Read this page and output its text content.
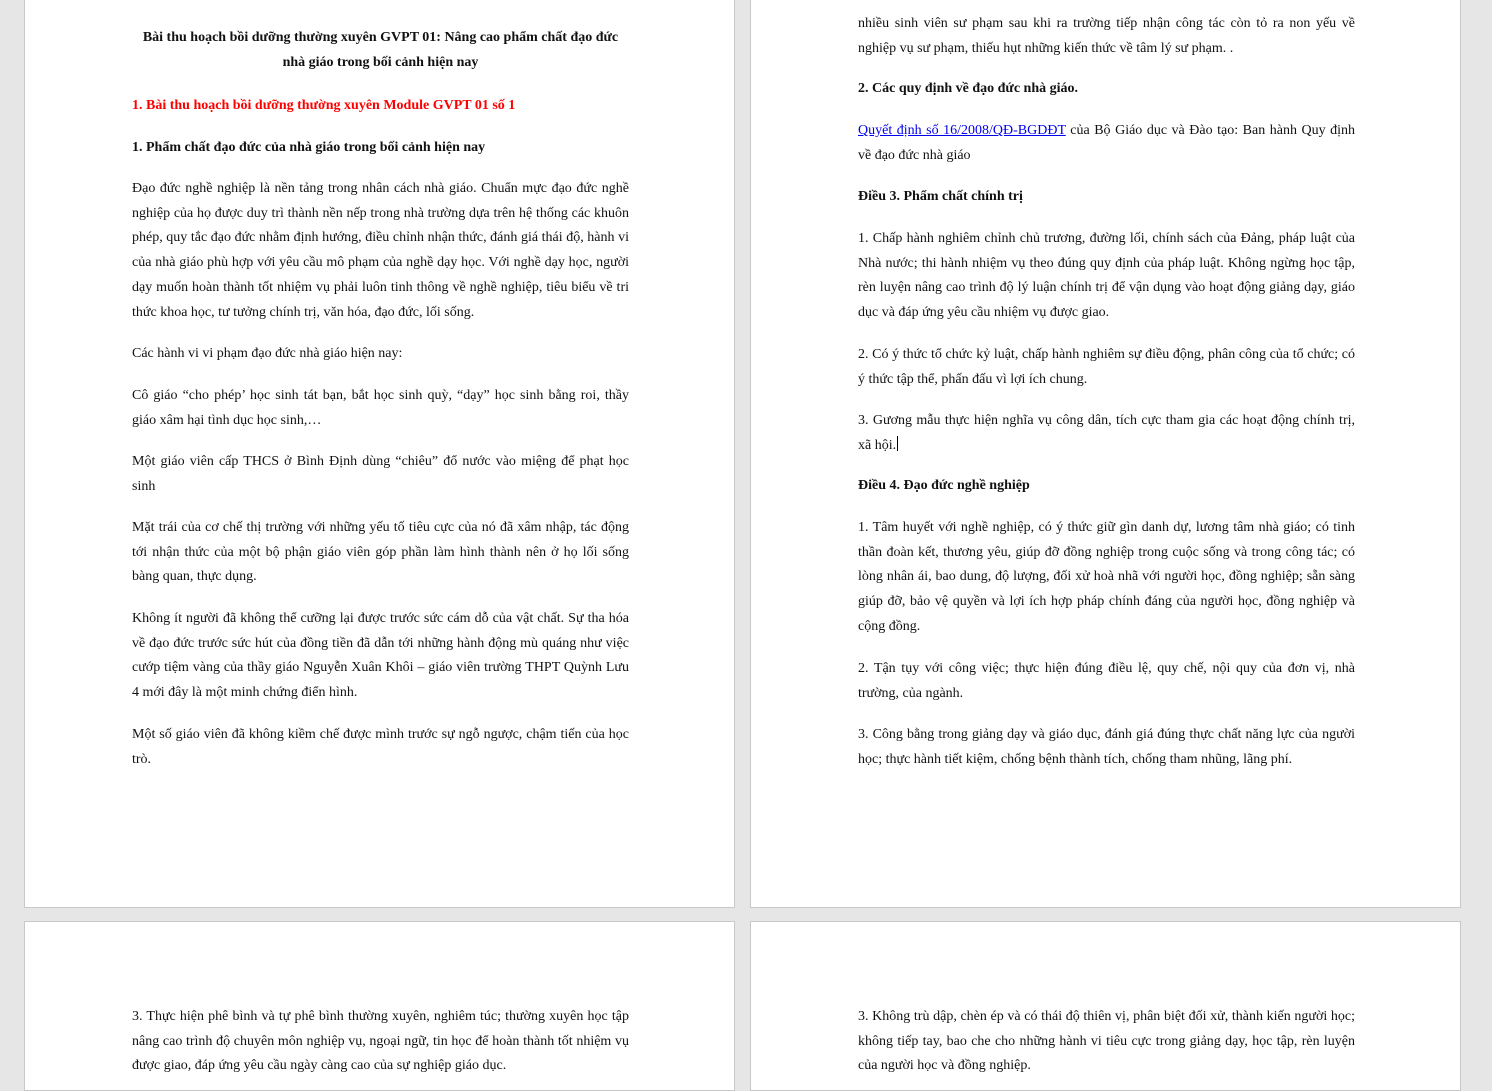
Bài thu hoạch bồi dưỡng thường xuyên GVPT 01: Nâng cao phẩm chất đạo đức nhà giáo trong bối cảnh hiện nay
1. Bài thu hoạch bồi dưỡng thường xuyên Module GVPT 01 số 1
1. Phẩm chất đạo đức của nhà giáo trong bối cảnh hiện nay

Đạo đức nghề nghiệp là nền tảng trong nhân cách nhà giáo. Chuẩn mực đạo đức nghề nghiệp của họ được duy trì thành nền nếp trong nhà trường dựa trên hệ thống các khuôn phép, quy tắc đạo đức nhằm định hướng, điều chỉnh nhận thức, đánh giá thái độ, hành vi của nhà giáo phù hợp với yêu cầu mô phạm của nghề dạy học. Với nghề dạy học, người dạy muốn hoàn thành tốt nhiệm vụ phải luôn tinh thông về nghề nghiệp, tiêu biểu về tri thức khoa học, tư tưởng chính trị, văn hóa, đạo đức, lối sống.

Các hành vi vi phạm đạo đức nhà giáo hiện nay:

Cô giáo “cho phép’ học sinh tát bạn, bắt học sinh quỳ, “dạy” học sinh bằng roi, thầy giáo xâm hại tình dục học sinh,…

Một giáo viên cấp THCS ở Bình Định dùng “chiêu” đổ nước vào miệng để phạt học sinh

Mặt trái của cơ chế thị trường với những yếu tố tiêu cực của nó đã xâm nhập, tác động tới nhận thức của một bộ phận giáo viên góp phần làm hình thành nên ở họ lối sống bàng quan, thực dụng.

Không ít người đã không thể cưỡng lại được trước sức cám dỗ của vật chất. Sự tha hóa về đạo đức trước sức hút của đồng tiền đã dẫn tới những hành động mù quáng như việc cướp tiệm vàng của thầy giáo Nguyễn Xuân Khôi – giáo viên trường THPT Quỳnh Lưu 4 mới đây là một minh chứng điển hình.

Một số giáo viên đã không kiềm chế được mình trước sự ngỗ ngược, chậm tiến của học trò.

nhiều sinh viên sư phạm sau khi ra trường tiếp nhận công tác còn tỏ ra non yếu về nghiệp vụ sư phạm, thiếu hụt những kiến thức về tâm lý sư phạm. .

2. Các quy định về đạo đức nhà giáo.

Quyết định số 16/2008/QĐ-BGDĐT của Bộ Giáo dục và Đào tạo: Ban hành Quy định về đạo đức nhà giáo

Điều 3. Phẩm chất chính trị

1. Chấp hành nghiêm chỉnh chủ trương, đường lối, chính sách của Đảng, pháp luật của Nhà nước; thi hành nhiệm vụ theo đúng quy định của pháp luật. Không ngừng học tập, rèn luyện nâng cao trình độ lý luận chính trị để vận dụng vào hoạt động giảng dạy, giáo dục và đáp ứng yêu cầu nhiệm vụ được giao.

2. Có ý thức tổ chức kỷ luật, chấp hành nghiêm sự điều động, phân công của tổ chức; có ý thức tập thể, phấn đấu vì lợi ích chung.

3. Gương mẫu thực hiện nghĩa vụ công dân, tích cực tham gia các hoạt động chính trị, xã hội.

Điều 4. Đạo đức nghề nghiệp

1. Tâm huyết với nghề nghiệp, có ý thức giữ gìn danh dự, lương tâm nhà giáo; có tinh thần đoàn kết, thương yêu, giúp đỡ đồng nghiệp trong cuộc sống và trong công tác; có lòng nhân ái, bao dung, độ lượng, đối xử hoà nhã với người học, đồng nghiệp; sẵn sàng giúp đỡ, bảo vệ quyền và lợi ích hợp pháp chính đáng của người học, đồng nghiệp và cộng đồng.

2. Tận tụy với công việc; thực hiện đúng điều lệ, quy chế, nội quy của đơn vị, nhà trường, của ngành.

3. Công bằng trong giảng dạy và giáo dục, đánh giá đúng thực chất năng lực của người học; thực hành tiết kiệm, chống bệnh thành tích, chống tham nhũng, lãng phí.

3. Thực hiện phê bình và tự phê bình thường xuyên, nghiêm túc; thường xuyên học tập nâng cao trình độ chuyên môn nghiệp vụ, ngoại ngữ, tin học để hoàn thành tốt nhiệm vụ được giao, đáp ứng yêu cầu ngày càng cao của sự nghiệp giáo dục.

3. Không trù dập, chèn ép và có thái độ thiên vị, phân biệt đối xử, thành kiến người học; không tiếp tay, bao che cho những hành vi tiêu cực trong giảng dạy, học tập, rèn luyện của người học và đồng nghiệp.
